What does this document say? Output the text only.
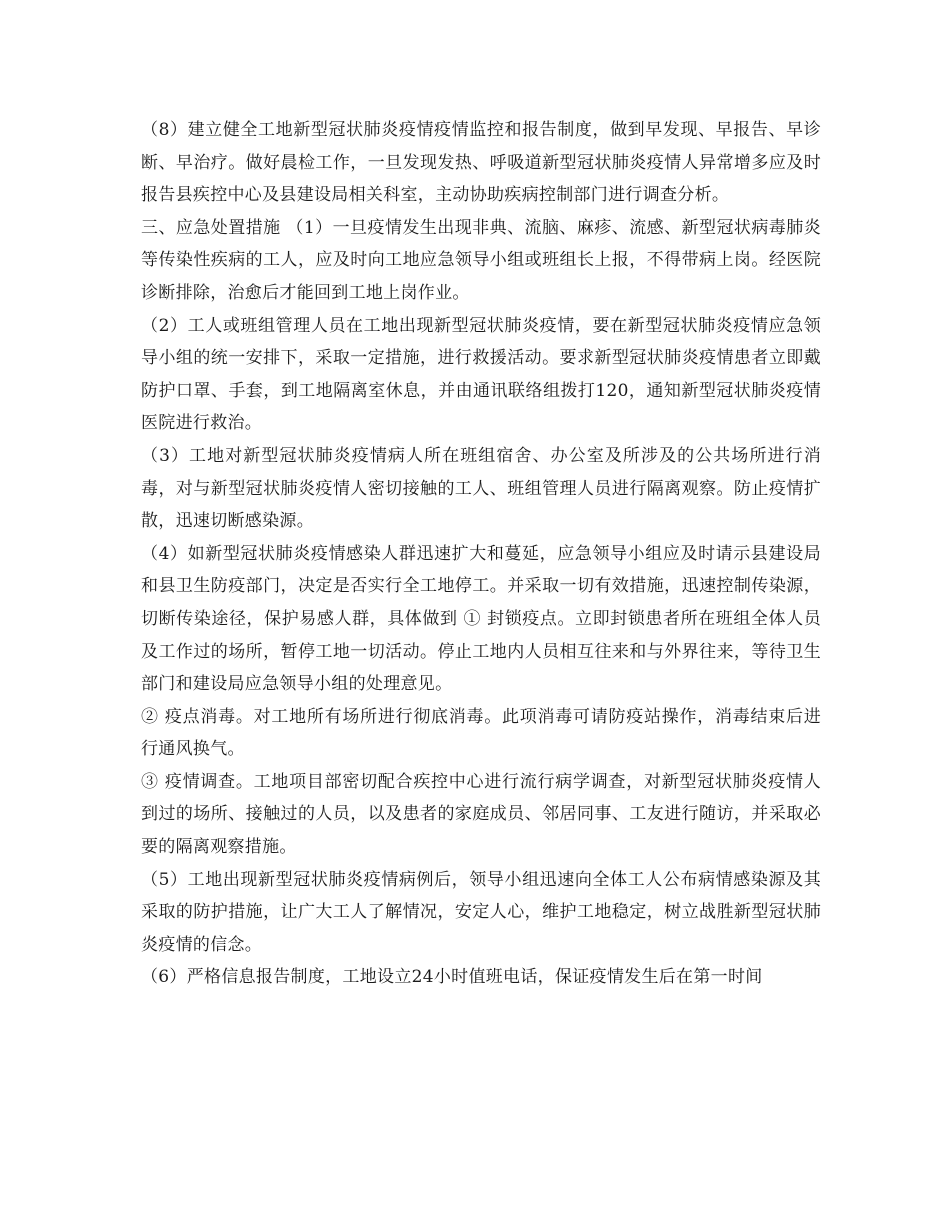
（8）建立健全工地新型冠状肺炎疫情疫情监控和报告制度，做到早发现、早报告、早诊断、早治疗。做好晨检工作，一旦发现发热、呼吸道新型冠状肺炎疫情人异常增多应及时报告县疾控中心及县建设局相关科室，主动协助疾病控制部门进行调查分析。

三、应急处置措施 （1）一旦疫情发生出现非典、流脑、麻疹、流感、新型冠状病毒肺炎等传染性疾病的工人，应及时向工地应急领导小组或班组长上报，不得带病上岗。经医院诊断排除，治愈后才能回到工地上岗作业。

（2）工人或班组管理人员在工地出现新型冠状肺炎疫情，要在新型冠状肺炎疫情应急领导小组的统一安排下，采取一定措施，进行救援活动。要求新型冠状肺炎疫情患者立即戴防护口罩、手套，到工地隔离室休息，并由通讯联络组拨打120，通知新型冠状肺炎疫情医院进行救治。

（3）工地对新型冠状肺炎疫情病人所在班组宿舍、办公室及所涉及的公共场所进行消毒，对与新型冠状肺炎疫情人密切接触的工人、班组管理人员进行隔离观察。防止疫情扩散，迅速切断感染源。

（4）如新型冠状肺炎疫情感染人群迅速扩大和蔓延，应急领导小组应及时请示县建设局和县卫生防疫部门，决定是否实行全工地停工。并采取一切有效措施，迅速控制传染源，切断传染途径，保护易感人群，具体做到 ① 封锁疫点。立即封锁患者所在班组全体人员及工作过的场所，暂停工地一切活动。停止工地内人员相互往来和与外界往来，等待卫生部门和建设局应急领导小组的处理意见。

② 疫点消毒。对工地所有场所进行彻底消毒。此项消毒可请防疫站操作，消毒结束后进行通风换气。

③ 疫情调查。工地项目部密切配合疾控中心进行流行病学调查，对新型冠状肺炎疫情人到过的场所、接触过的人员，以及患者的家庭成员、邻居同事、工友进行随访，并采取必要的隔离观察措施。

（5）工地出现新型冠状肺炎疫情病例后，领导小组迅速向全体工人公布病情感染源及其采取的防护措施，让广大工人了解情况，安定人心，维护工地稳定，树立战胜新型冠状肺炎疫情的信念。

（6）严格信息报告制度，工地设立24小时值班电话，保证疫情发生后在第一时间
